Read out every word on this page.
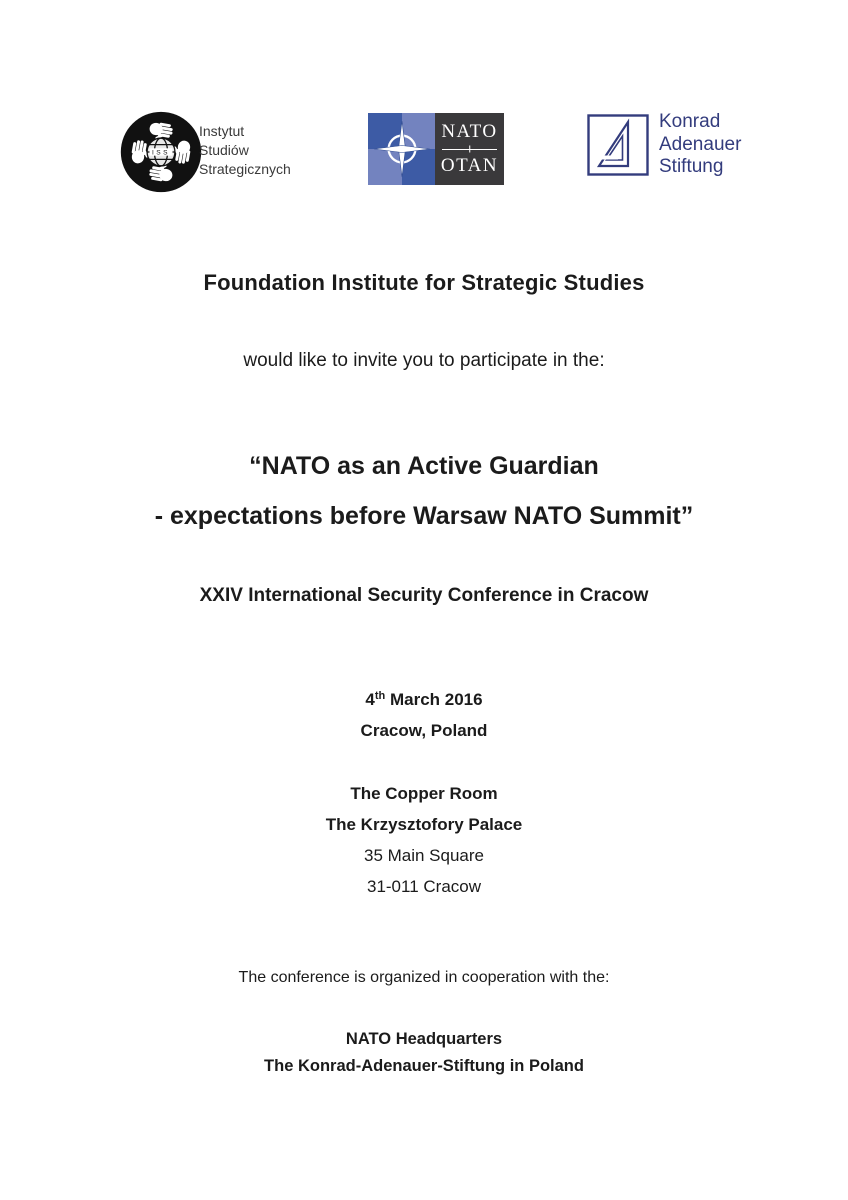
ISS
Instytut
Studiów
Strategicznych
NATO
OTAN
Konrad
Adenauer
Stiftung
Foundation Institute for Strategic Studies
would like to invite you to participate in the:
“NATO as an Active Guardian
- expectations before Warsaw NATO Summit”
XXIV International Security Conference in Cracow
4th March 2016
Cracow, Poland
The Copper Room
The Krzysztofory Palace
35 Main Square
31-011 Cracow
The conference is organized in cooperation with the:
NATO Headquarters
The Konrad-Adenauer-Stiftung in Poland
